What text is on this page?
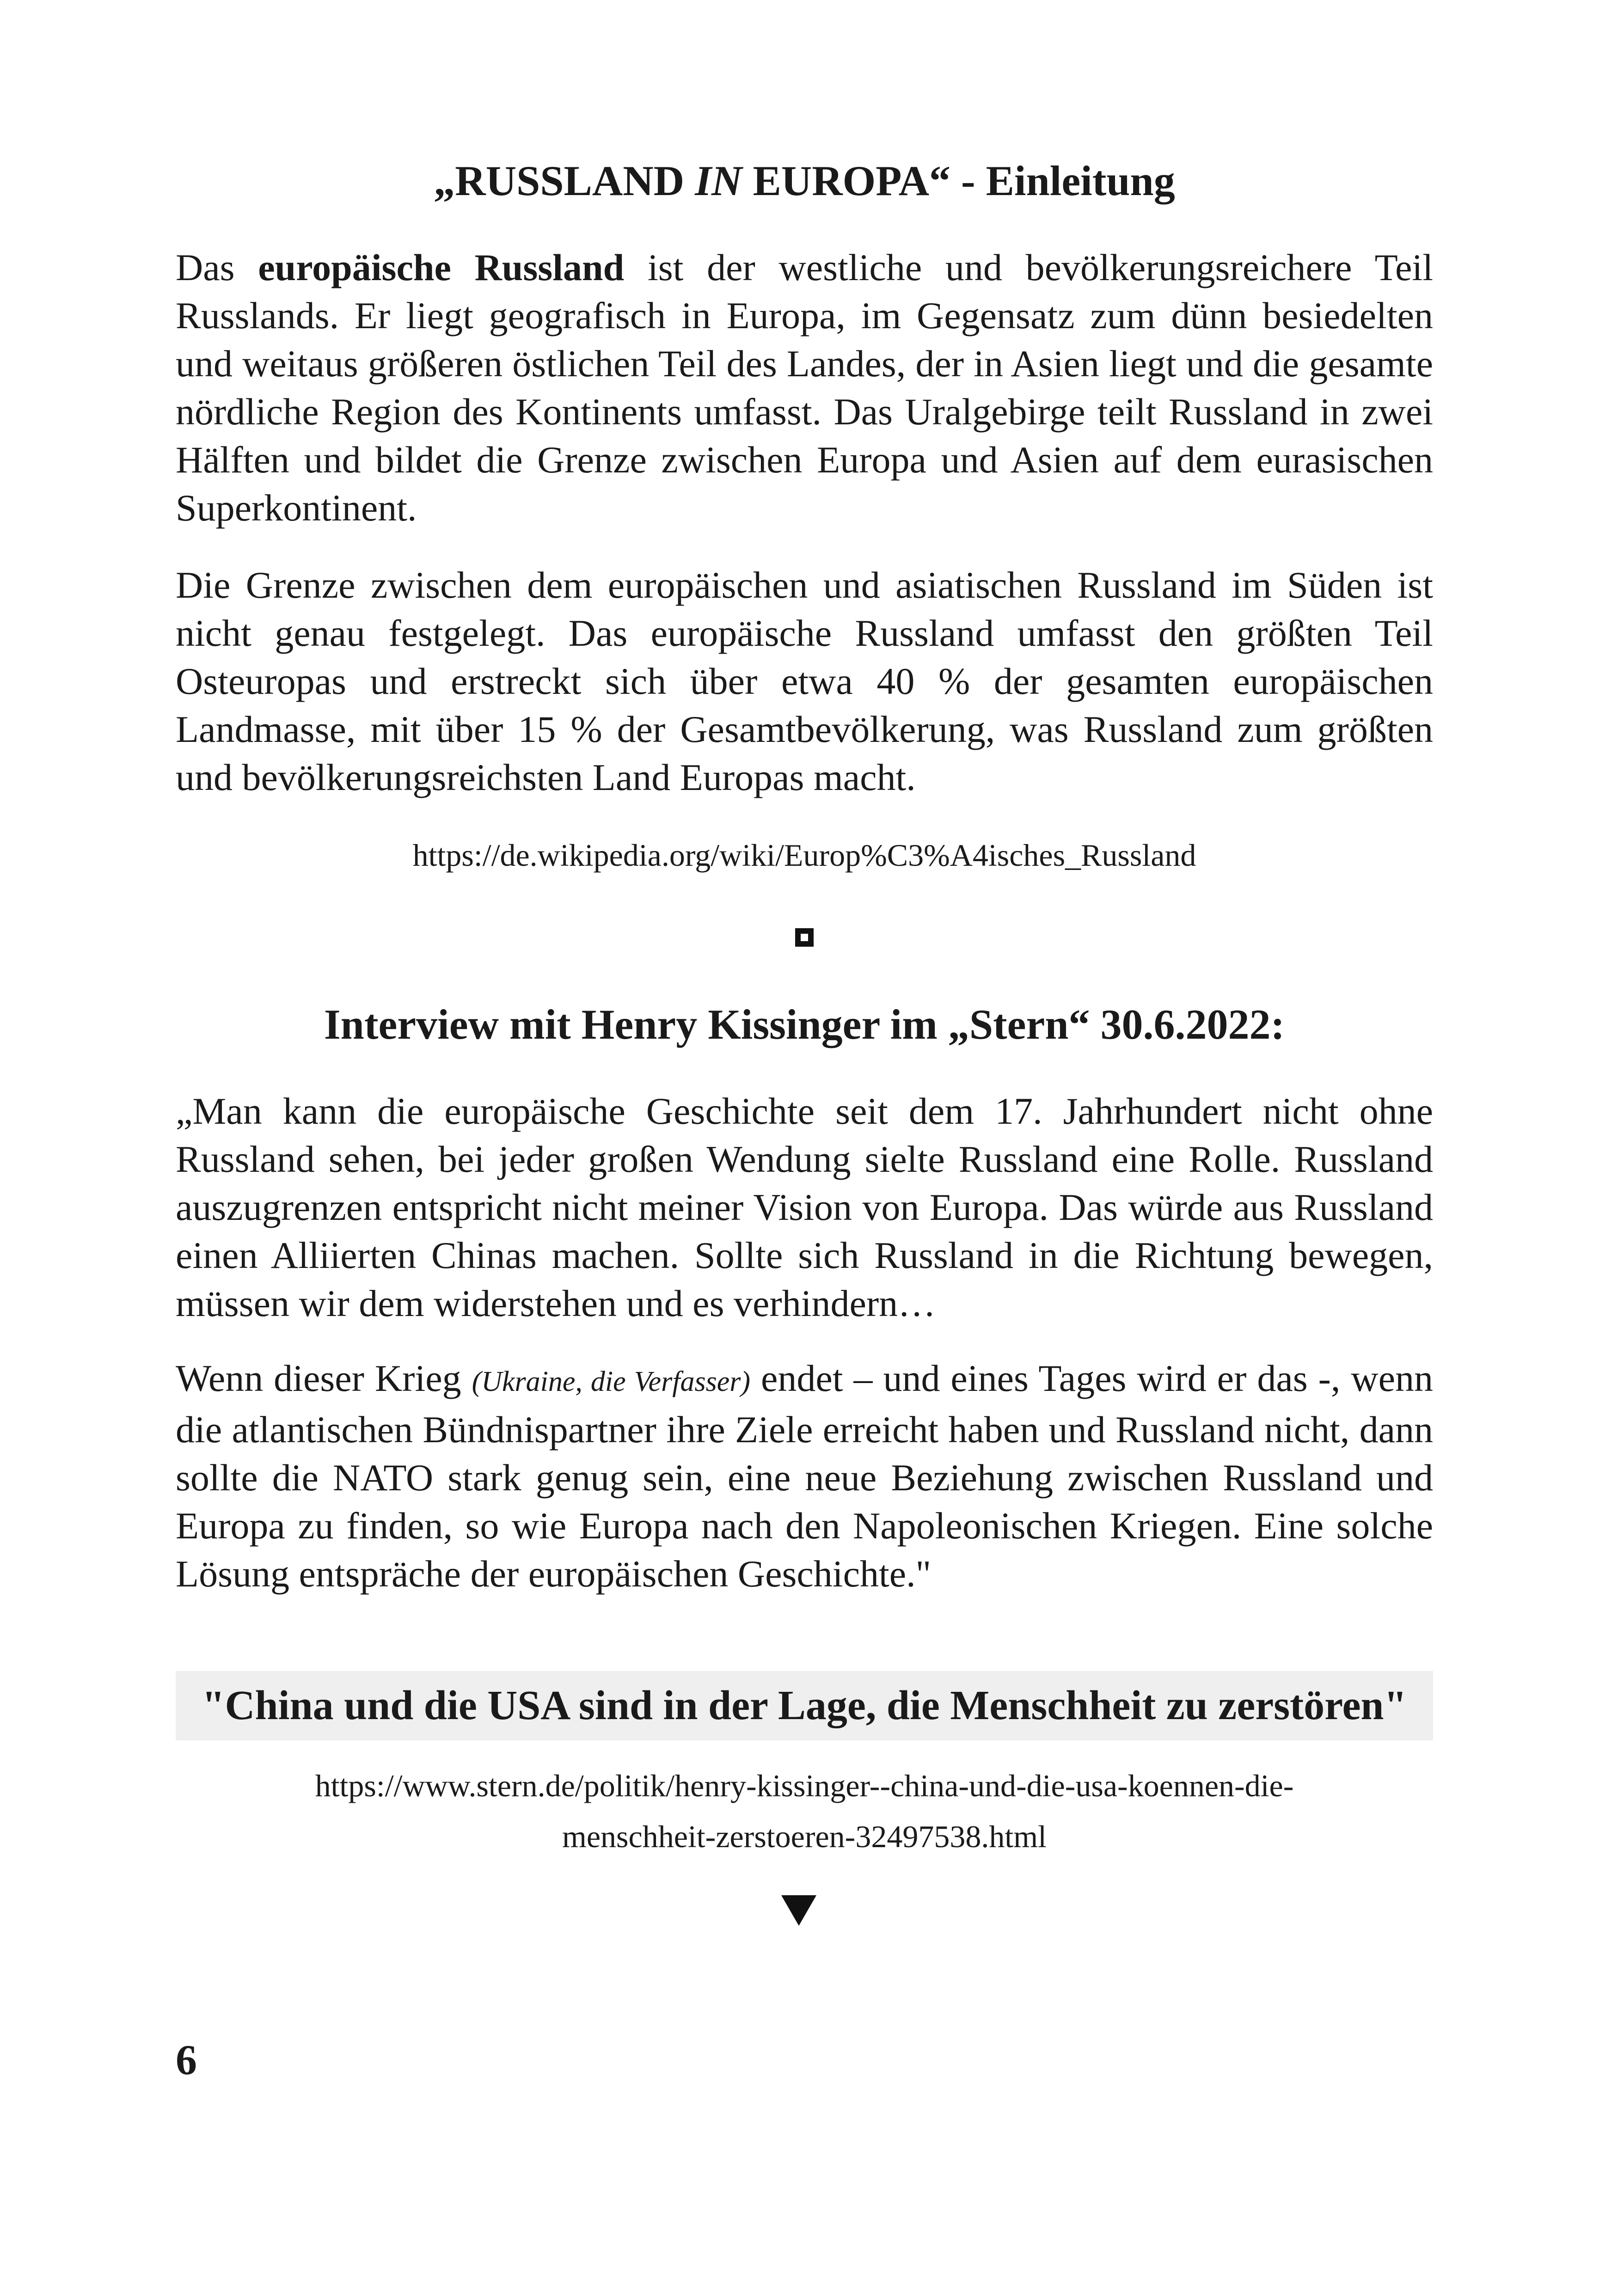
„RUSSLAND IN EUROPA“ - Einleitung

Das europäische Russland ist der westliche und bevölkerungsreichere Teil Russlands. Er liegt geografisch in Europa, im Gegensatz zum dünn besiedelten und weitaus größeren östlichen Teil des Landes, der in Asien liegt und die gesamte nördliche Region des Kontinents umfasst. Das Uralgebirge teilt Russland in zwei Hälften und bildet die Grenze zwischen Europa und Asien auf dem eurasischen Superkontinent.

Die Grenze zwischen dem europäischen und asiatischen Russland im Süden ist nicht genau festgelegt. Das europäische Russland umfasst den größten Teil Osteuropas und erstreckt sich über etwa 40 % der gesamten europäischen Landmasse, mit über 15 % der Gesamtbevölkerung, was Russland zum größten und bevölkerungsreichsten Land Europas macht.

https://de.wikipedia.org/wiki/Europ%C3%A4isches_Russland

Interview mit Henry Kissinger im „Stern“ 30.6.2022:

„Man kann die europäische Geschichte seit dem 17. Jahrhundert nicht ohne Russland sehen, bei jeder großen Wendung sielte Russland eine Rolle. Russland auszugrenzen entspricht nicht meiner Vision von Europa. Das würde aus Russland einen Alliierten Chinas machen. Sollte sich Russland in die Richtung bewegen, müssen wir dem widerstehen und es verhindern…

Wenn dieser Krieg (Ukraine, die Verfasser) endet – und eines Tages wird er das -, wenn die atlantischen Bündnispartner ihre Ziele erreicht haben und Russland nicht, dann sollte die NATO stark genug sein, eine neue Beziehung zwischen Russland und Europa zu finden, so wie Europa nach den Napoleonischen Kriegen. Eine solche Lösung entspräche der europäischen Geschichte."

"China und die USA sind in der Lage, die Menschheit zu zerstören"

https://www.stern.de/politik/henry-kissinger--china-und-die-usa-koennen-die-
menschheit-zerstoeren-32497538.html

6
